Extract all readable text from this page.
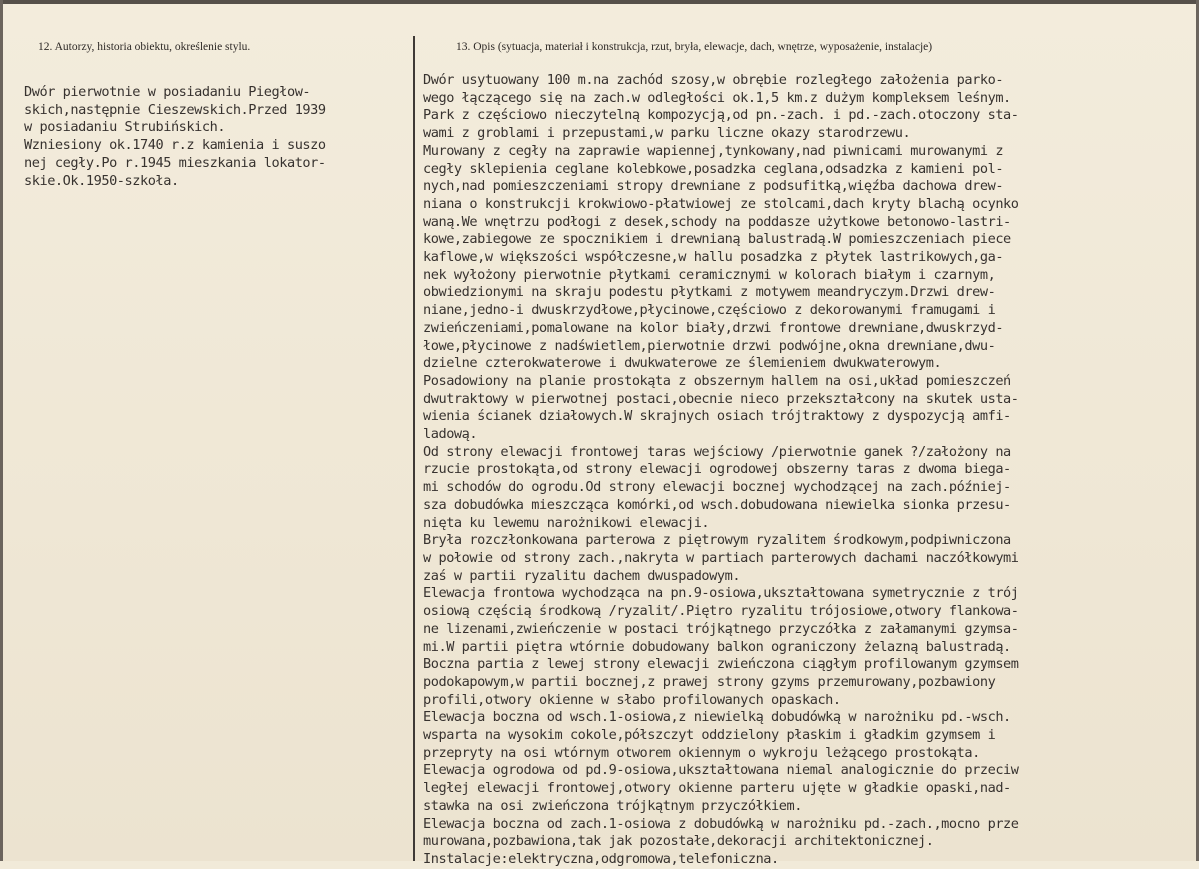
12. Autorzy, historia obiektu, określenie stylu.	13. Opis (sytuacja, materiał i konstrukcja, rzut, bryła, elewacje, dach, wnętrze, wyposażenie, instalacje)
Dwór pierwotnie w posiadaniu Piegłow-
skich,następnie Cieszewskich.Przed 1939
w posiadaniu Strubińskich.
Wzniesiony ok.1740 r.z kamienia i suszo
nej cegły.Po r.1945 mieszkania lokator-
skie.Ok.1950-szkoła.
Dwór usytuowany 100 m.na zachód szosy,w obrębie rozległego założenia parko-
wego łączącego się na zach.w odległości ok.1,5 km.z dużym kompleksem leśnym.
Park z częściowo nieczytelną kompozycją,od pn.-zach. i pd.-zach.otoczony sta-
wami z groblami i przepustami,w parku liczne okazy starodrzewu.
Murowany z cegły na zaprawie wapiennej,tynkowany,nad piwnicami murowanymi z
cegły sklepienia ceglane kolebkowe,posadzka ceglana,odsadzka z kamieni pol-
nych,nad pomieszczeniami stropy drewniane z podsufitką,więźba dachowa drew-
niana o konstrukcji krokwiowo-płatwiowej ze stolcami,dach kryty blachą ocynko
waną.We wnętrzu podłogi z desek,schody na poddasze użytkowe betonowo-lastri-
kowe,zabiegowe ze spocznikiem i drewnianą balustradą.W pomieszczeniach piece
kaflowe,w większości współczesne,w hallu posadzka z płytek lastrikowych,ga-
nek wyłożony pierwotnie płytkami ceramicznymi w kolorach białym i czarnym,
obwiedzionymi na skraju podestu płytkami z motywem meandryczym.Drzwi drew-
niane,jedno-i dwuskrzydłowe,płycinowe,częściowo z dekorowanymi framugami i
zwieńczeniami,pomalowane na kolor biały,drzwi frontowe drewniane,dwuskrzyd-
łowe,płycinowe z nadświetlem,pierwotnie drzwi podwójne,okna drewniane,dwu-
dzielne czterokwaterowe i dwukwaterowe ze ślemieniem dwukwaterowym.
Posadowiony na planie prostokąta z obszernym hallem na osi,układ pomieszczeń
dwutraktowy w pierwotnej postaci,obecnie nieco przekształcony na skutek usta-
wienia ścianek działowych.W skrajnych osiach trójtraktowy z dyspozycją amfi-
ladową.
Od strony elewacji frontowej taras wejściowy /pierwotnie ganek ?/założony na
rzucie prostokąta,od strony elewacji ogrodowej obszerny taras z dwoma biegа-
mi schodów do ogrodu.Od strony elewacji bocznej wychodzącej na zach.później-
sza dobudówka mieszcząca komórki,od wsch.dobudowana niewielka sionka przesu-
nięta ku lewemu narożnikowi elewacji.
Bryła rozczłonkowana parterowa z piętrowym ryzalitem środkowym,podpiwniczona
w połowie od strony zach.,nakryta w partiach parterowych dachami naczółkowymi
zaś w partii ryzalitu dachem dwuspadowym.
Elewacja frontowa wychodząca na pn.9-osiowa,ukształtowana symetrycznie z trój
osiową częścią środkową /ryzalit/.Piętro ryzalitu trójosiowe,otwory flankowa-
ne lizenami,zwieńczenie w postaci trójkątnego przyczółka z załamanymi gzymsa-
mi.W partii piętra wtórnie dobudowany balkon ograniczony żelazną balustradą.
Boczna partia z lewej strony elewacji zwieńczona ciągłym profilowanym gzymsem
podokapowym,w partii bocznej,z prawej strony gzyms przemurowany,pozbawiony
profili,otwory okienne w słabo profilowanych opaskach.
Elewacja boczna od wsch.1-osiowa,z niewielką dobudówką w narożniku pd.-wsch.
wsparta na wysokim cokole,półszczyt oddzielony płaskim i gładkim gzymsem i
przeprуty na osi wtórnym otworem okiennym o wykroju leżącego prostokąta.
Elewacja ogrodowa od pd.9-osiowa,ukształtowana niemal analogicznie do przeciw
ległej elewacji frontowej,otwory okienne parteru ujęte w gładkie opaski,nad-
stawka na osi zwieńczona trójkątnym przyczółkiem.
Elewacja boczna od zach.1-osiowa z dobudówką w narożniku pd.-zach.,mocno prze
murowana,pozbawiona,tak jak pozostałe,dekoracji architektonicznej.
Instalacje:elektryczna,odgromowa,telefoniczna.
